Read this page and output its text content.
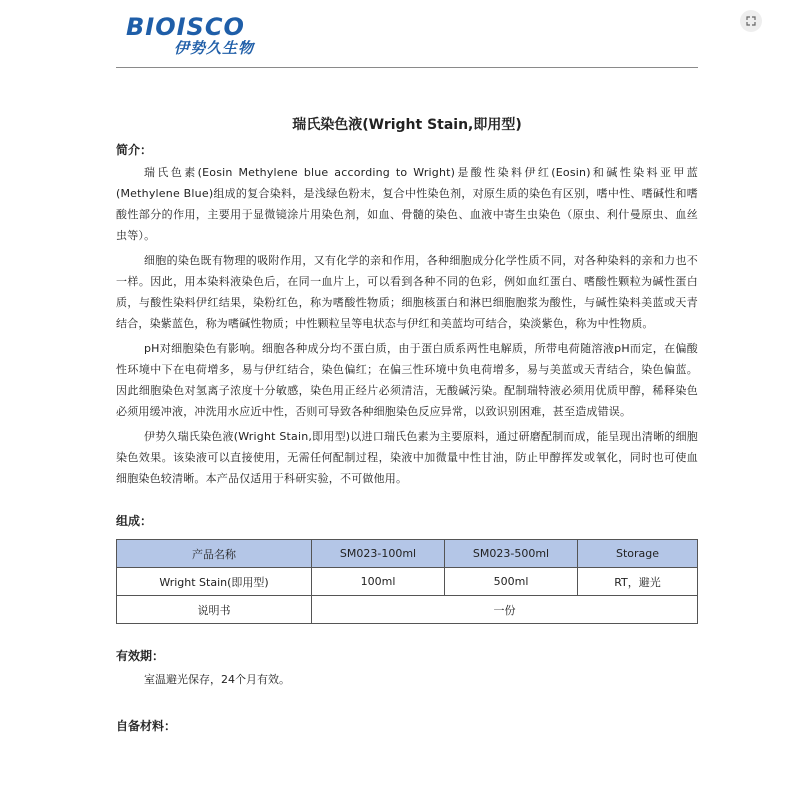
BIOISCO
伊势久生物
瑞氏染色液(Wright Stain,即用型)
简介：

瑞氏色素(Eosin Methylene blue according to Wright)是酸性染料伊红(Eosin)和碱性染料亚甲蓝(Methylene Blue)组成的复合染料，是浅绿色粉末，复合中性染色剂，对原生质的染色有区别，嗜中性、嗜碱性和嗜酸性部分的作用，主要用于显微镜涂片用染色剂，如血、骨髓的染色、血液中寄生虫染色（原虫、利什曼原虫、血丝虫等）。

细胞的染色既有物理的吸附作用，又有化学的亲和作用，各种细胞成分化学性质不同，对各种染料的亲和力也不一样。因此，用本染料液染色后，在同一血片上，可以看到各种不同的色彩，例如血红蛋白、嗜酸性颗粒为碱性蛋白质，与酸性染料伊红结果，染粉红色，称为嗜酸性物质；细胞核蛋白和淋巴细胞胞浆为酸性，与碱性染料美蓝或天青结合，染紫蓝色，称为嗜碱性物质；中性颗粒呈等电状态与伊红和美蓝均可结合，染淡紫色，称为中性物质。

pH对细胞染色有影响。细胞各种成分均不蛋白质，由于蛋白质系两性电解质，所带电荷随溶液pH而定，在偏酸性环境中下在电荷增多，易与伊红结合，染色偏红；在偏三性环境中负电荷增多，易与美蓝或天青结合，染色偏蓝。因此细胞染色对氢离子浓度十分敏感，染色用正经片必须清洁，无酸碱污染。配制瑞特液必须用优质甲醇，稀释染色必须用缓冲液，冲洗用水应近中性，否则可导致各种细胞染色反应异常，以致识别困难，甚至造成错误。

伊势久瑞氏染色液(Wright Stain,即用型)以进口瑞氏色素为主要原料，通过研磨配制而成，能呈现出清晰的细胞染色效果。该染液可以直接使用，无需任何配制过程，染液中加微量中性甘油，防止甲醇挥发或氧化，同时也可使血细胞染色较清晰。本产品仅适用于科研实验，不可做他用。

组成：
产品名称	SM023-100ml	SM023-500ml	Storage
Wright Stain(即用型)	100ml	500ml	RT，避光
说明书	一份		
有效期：

室温避光保存，24个月有效。

自备材料：
